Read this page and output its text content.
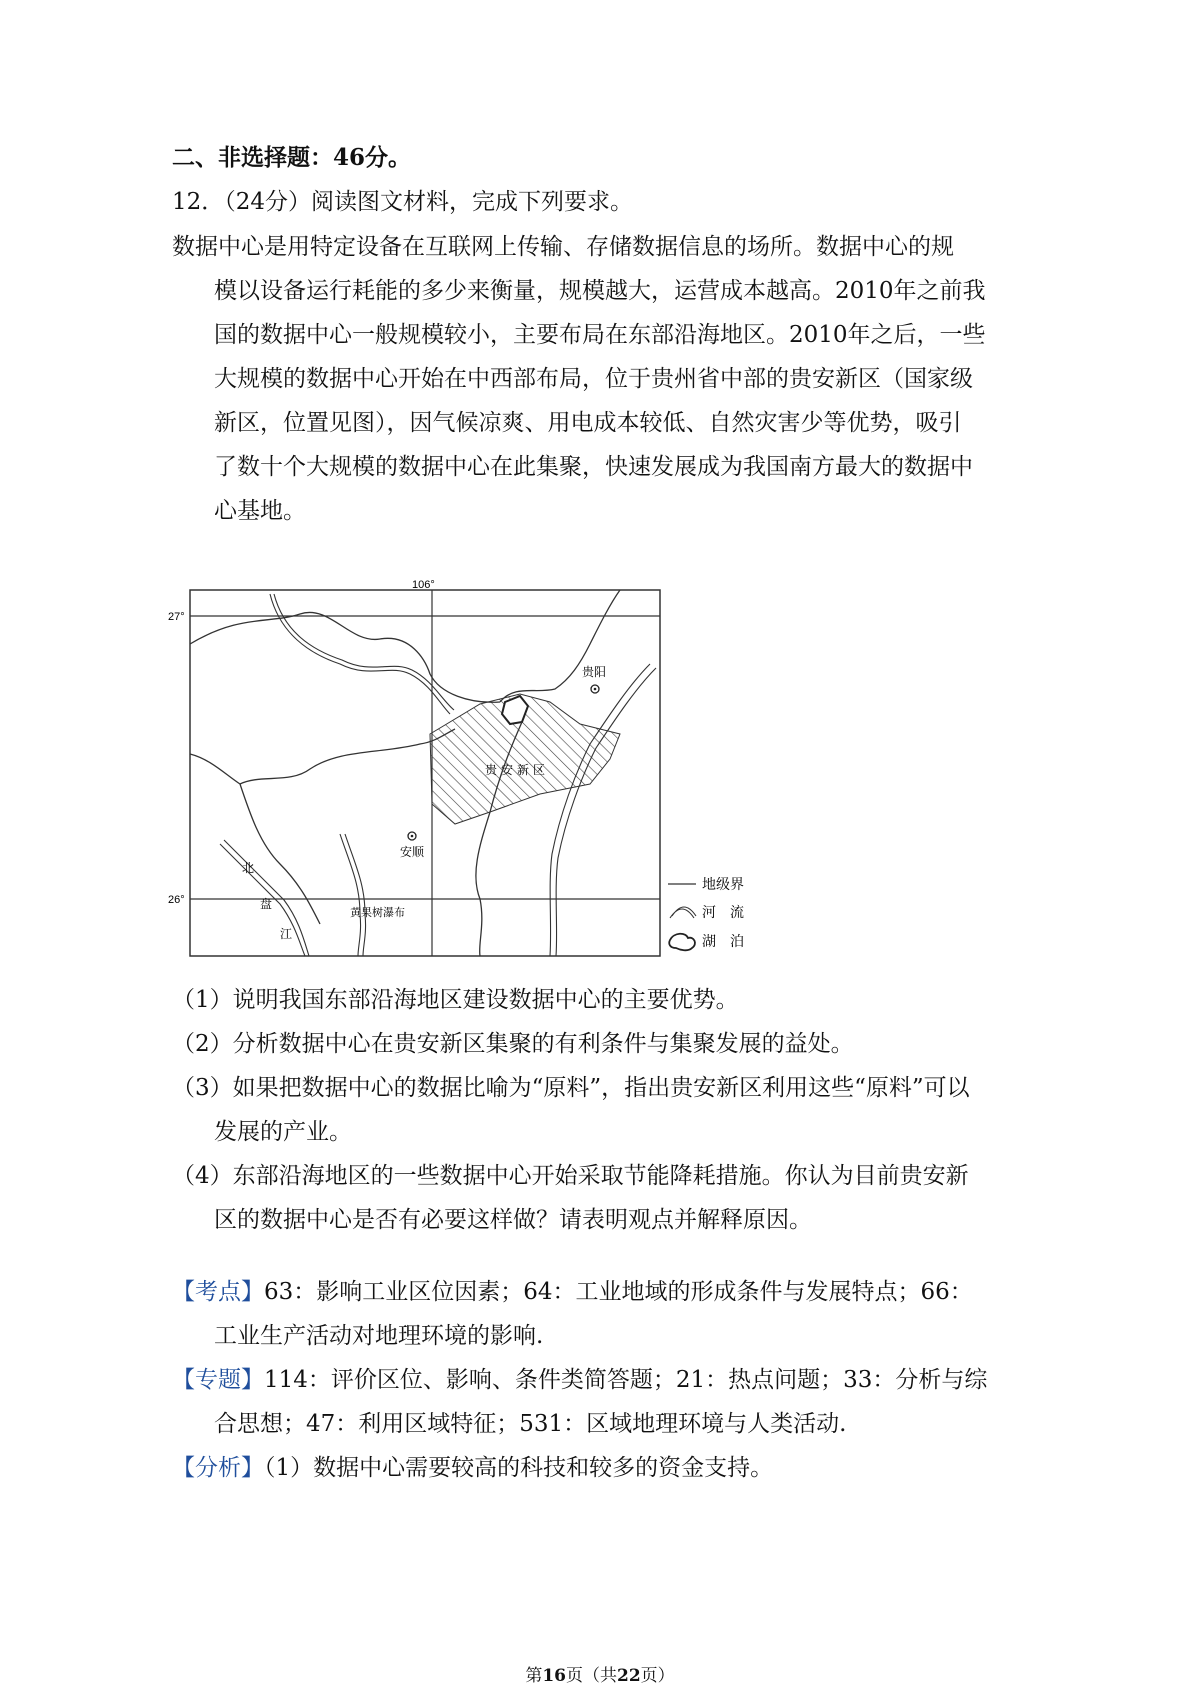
二、非选择题：46分。
12．（24分）阅读图文材料，完成下列要求。
数据中心是用特定设备在互联网上传输、存储数据信息的场所。数据中心的规
模以设备运行耗能的多少来衡量，规模越大，运营成本越高。2010年之前我
国的数据中心一般规模较小，主要布局在东部沿海地区。2010年之后，一些
大规模的数据中心开始在中西部布局，位于贵州省中部的贵安新区（国家级
新区，位置见图），因气候凉爽、用电成本较低、自然灾害少等优势，吸引
了数十个大规模的数据中心在此集聚，快速发展成为我国南方最大的数据中
心基地。
106°
27°
26°
贵阳
安顺
贵安新区
北
盘
江
黄果树瀑布
地级界
河　流
湖　泊
（1）说明我国东部沿海地区建设数据中心的主要优势。
（2）分析数据中心在贵安新区集聚的有利条件与集聚发展的益处。
（3）如果把数据中心的数据比喻为“原料”，指出贵安新区利用这些“原料”可以
发展的产业。
（4）东部沿海地区的一些数据中心开始采取节能降耗措施。你认为目前贵安新
区的数据中心是否有必要这样做？请表明观点并解释原因。
【考点】63：影响工业区位因素；64：工业地域的形成条件与发展特点；66：
工业生产活动对地理环境的影响.
【专题】114：评价区位、影响、条件类简答题；21：热点问题；33：分析与综
合思想；47：利用区域特征；531：区域地理环境与人类活动.
【分析】（1）数据中心需要较高的科技和较多的资金支持。
第16页（共22页）
